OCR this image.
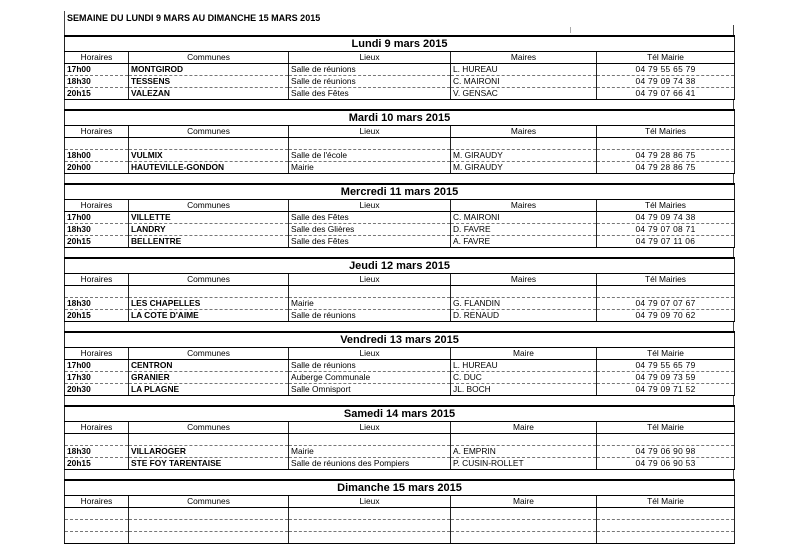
SEMAINE DU LUNDI 9 MARS AU DIMANCHE 15 MARS 2015
Lundi 9 mars 2015				
Horaires	Communes	Lieux	Maires	Tél Mairie
17h00	MONTGIROD	Salle de réunions	L. HUREAU	04 79 55 65 79
18h30	TESSENS	Salle de réunions	C. MAIRONI	04 79 09 74 38
20h15	VALEZAN	Salle des Fêtes	V. GENSAC	04 79 07 66 41
Mardi 10 mars 2015				
Horaires	Communes	Lieux	Maires	Tél Mairies

18h00	VULMIX	Salle de l'école	M. GIRAUDY	04 79 28 86 75
20h00	HAUTEVILLE-GONDON	Mairie	M. GIRAUDY	04 79 28 86 75
Mercredi 11 mars 2015				
Horaires	Communes	Lieux	Maires	Tél Mairies
17h00	VILLETTE	Salle des Fêtes	C. MAIRONI	04 79 09 74 38
18h30	LANDRY	Salle des Glières	D. FAVRE	04 79 07 08 71
20h15	BELLENTRE	Salle des Fêtes	A. FAVRE	04 79 07 11 06
Jeudi 12 mars 2015				
Horaires	Communes	Lieux	Maires	Tél Mairies

18h30	LES CHAPELLES	Mairie	G. FLANDIN	04 79 07 07 67
20h15	LA COTE D'AIME	Salle de réunions	D. RENAUD	04 79 09 70 62
Vendredi 13 mars 2015				
Horaires	Communes	Lieux	Maire	Tél Mairie
17h00	CENTRON	Salle de réunions	L. HUREAU	04 79 55 65 79
17h30	GRANIER	Auberge Communale	C. DUC	04 79 09 73 59
20h30	LA PLAGNE	Salle Omnisport	JL. BOCH	04 79 09 71 52
Samedi 14 mars 2015				
Horaires	Communes	Lieux	Maire	Tél Mairie

18h30	VILLAROGER	Mairie	A. EMPRIN	04 79 06 90 98
20h15	STE FOY TARENTAISE	Salle de réunions des Pompiers	P. CUSIN-ROLLET	04 79 06 90 53
Dimanche 15 mars 2015				
Horaires	Communes	Lieux	Maire	Tél Mairie
